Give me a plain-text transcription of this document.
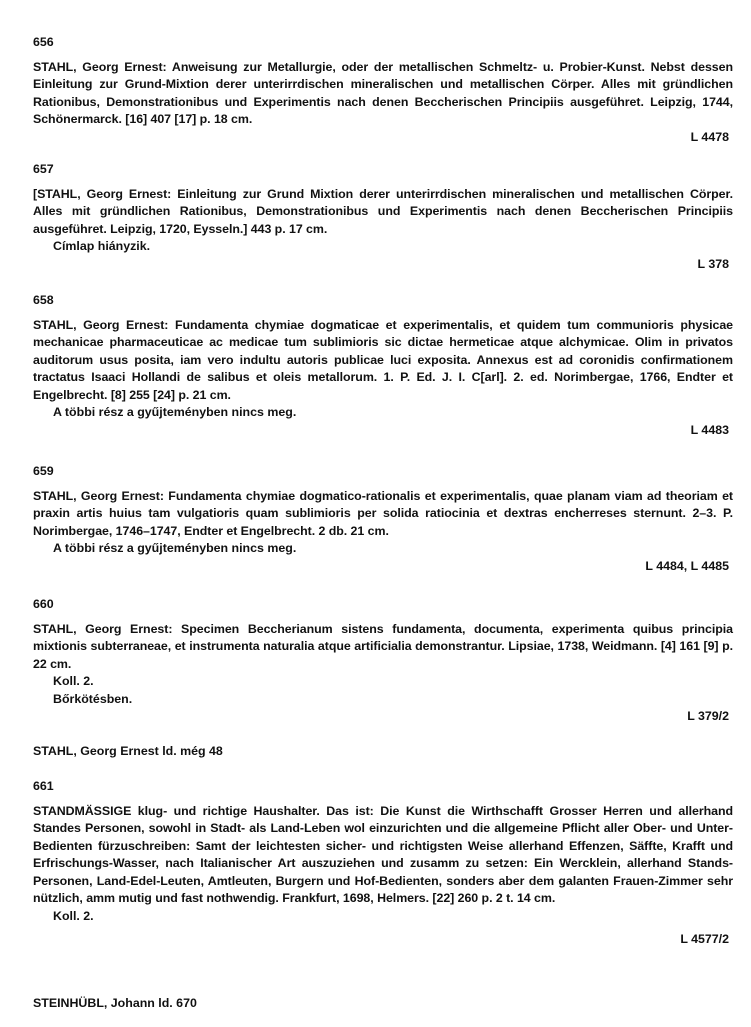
656
STAHL, Georg Ernest: Anweisung zur Metallurgie, oder der metallischen Schmeltz- u. Probier-Kunst. Nebst dessen Einleitung zur Grund-Mixtion derer unterirrdischen mineralischen und metallischen Cörper. Alles mit gründlichen Rationibus, Demonstrationibus und Experimentis nach denen Beccherischen Principiis ausgeführet. Leipzig, 1744, Schönermarck. [16] 407 [17] p. 18 cm.
L 4478
657
[STAHL, Georg Ernest: Einleitung zur Grund Mixtion derer unterirrdischen mineralischen und metallischen Cörper. Alles mit gründlichen Rationibus, Demonstrationibus und Experimentis nach denen Beccherischen Principiis ausgeführet. Leipzig, 1720, Eysseln.] 443 p. 17 cm.
Címlap hiányzik.
L 378
658
STAHL, Georg Ernest: Fundamenta chymiae dogmaticae et experimentalis, et quidem tum communioris physicae mechanicae pharmaceuticae ac medicae tum sublimioris sic dictae hermeticae atque alchymicae. Olim in privatos auditorum usus posita, iam vero indultu autoris publicae luci exposita. Annexus est ad coronidis confirmationem tractatus Isaaci Hollandi de salibus et oleis metallorum. 1. P. Ed. J. I. C[arl]. 2. ed. Norimbergae, 1766, Endter et Engelbrecht. [8] 255 [24] p. 21 cm.
A többi rész a gyűjteményben nincs meg.
L 4483
659
STAHL, Georg Ernest: Fundamenta chymiae dogmatico-rationalis et experimentalis, quae planam viam ad theoriam et praxin artis huius tam vulgatioris quam sublimioris per solida ratiocinia et dextras encherreses sternunt. 2–3. P. Norimbergae, 1746–1747, Endter et Engelbrecht. 2 db. 21 cm.
A többi rész a gyűjteményben nincs meg.
L 4484, L 4485
660
STAHL, Georg Ernest: Specimen Beccherianum sistens fundamenta, documenta, experimenta quibus principia mixtionis subterraneae, et instrumenta naturalia atque artificialia demonstrantur. Lipsiae, 1738, Weidmann. [4] 161 [9] p. 22 cm.
Koll. 2.
Bőrkötésben.
L 379/2
STAHL, Georg Ernest ld. még 48
661
STANDMÄSSIGE klug- und richtige Haushalter. Das ist: Die Kunst die Wirthschafft Grosser Herren und allerhand Standes Personen, sowohl in Stadt- als Land-Leben wol einzurichten und die allgemeine Pflicht aller Ober- und Unter-Bedienten fürzuschreiben: Samt der leichtesten sicher- und richtigsten Weise allerhand Effenzen, Säffte, Krafft und Erfrischungs-Wasser, nach Italianischer Art auszuziehen und zusamm zu setzen: Ein Wercklein, allerhand Stands-Personen, Land-Edel-Leuten, Amtleuten, Burgern und Hof-Bedienten, sonders aber dem galanten Frauen-Zimmer sehr nützlich, amm mutig und fast nothwendig. Frankfurt, 1698, Helmers. [22] 260 p. 2 t. 14 cm.
Koll. 2.
L 4577/2
STEINHÜBL, Johann ld. 670
